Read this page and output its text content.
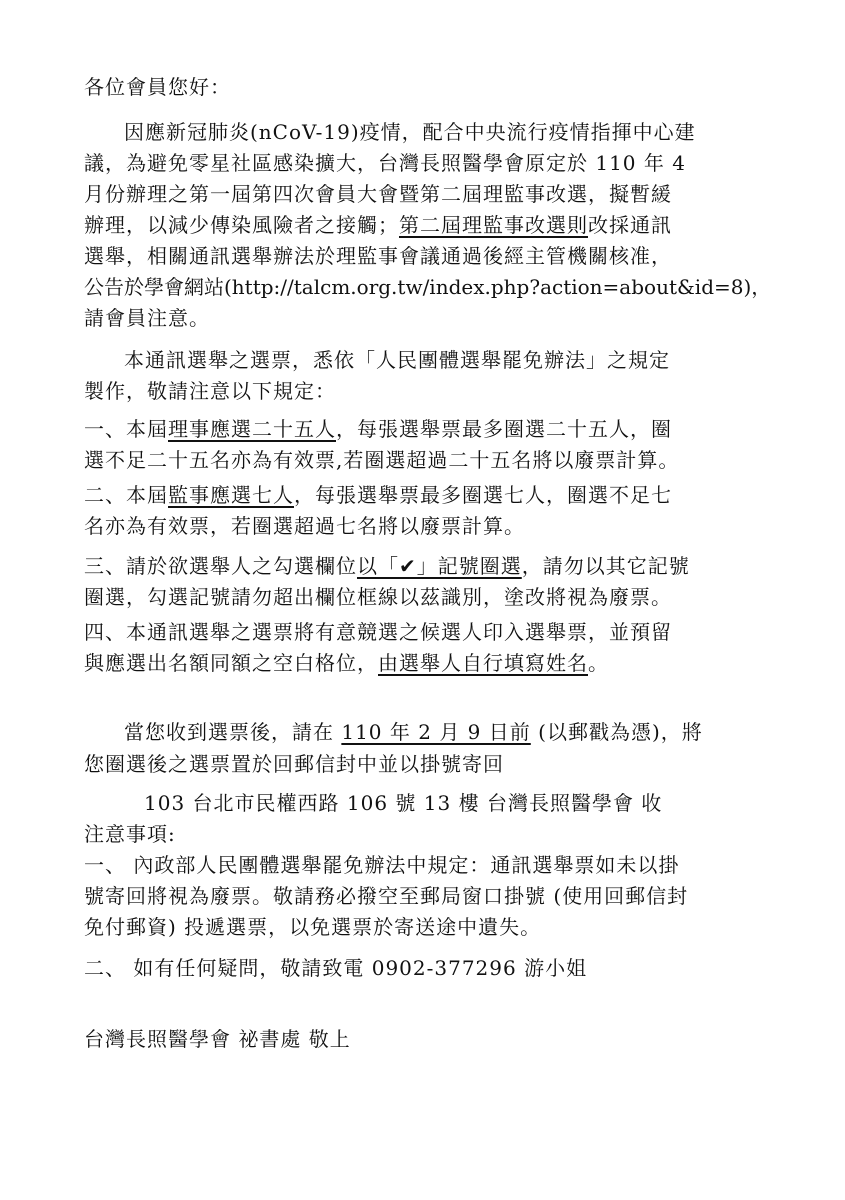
各位會員您好：
因應新冠肺炎(nCoV-19)疫情，配合中央流行疫情指揮中心建
議，為避免零星社區感染擴大，台灣長照醫學會原定於 110 年 4
月份辦理之第一屆第四次會員大會暨第二屆理監事改選，擬暫緩
辦理，以減少傳染風險者之接觸；第二屆理監事改選則改採通訊
選舉，相關通訊選舉辦法於理監事會議通過後經主管機關核准，
公告於學會網站(http://talcm.org.tw/index.php?action=about&id=8)，
請會員注意。
本通訊選舉之選票，悉依「人民團體選舉罷免辦法」之規定
製作，敬請注意以下規定：
一、本屆理事應選二十五人，每張選舉票最多圈選二十五人，圈
選不足二十五名亦為有效票,若圈選超過二十五名將以廢票計算。
二、本屆監事應選七人，每張選舉票最多圈選七人，圈選不足七
名亦為有效票，若圈選超過七名將以廢票計算。
三、請於欲選舉人之勾選欄位以「✔」記號圈選，請勿以其它記號
圈選，勾選記號請勿超出欄位框線以茲識別，塗改將視為廢票。
四、本通訊選舉之選票將有意競選之候選人印入選舉票，並預留
與應選出名額同額之空白格位，由選舉人自行填寫姓名。
當您收到選票後，請在 110 年 2 月 9 日前 (以郵戳為憑)，將
您圈選後之選票置於回郵信封中並以掛號寄回
103 台北市民權西路 106 號 13 樓 台灣長照醫學會 收
注意事項:
一、 內政部人民團體選舉罷免辦法中規定：通訊選舉票如未以掛
號寄回將視為廢票。敬請務必撥空至郵局窗口掛號 (使用回郵信封
免付郵資) 投遞選票，以免選票於寄送途中遺失。
二、 如有任何疑問，敬請致電 0902-377296 游小姐
台灣長照醫學會 祕書處 敬上
